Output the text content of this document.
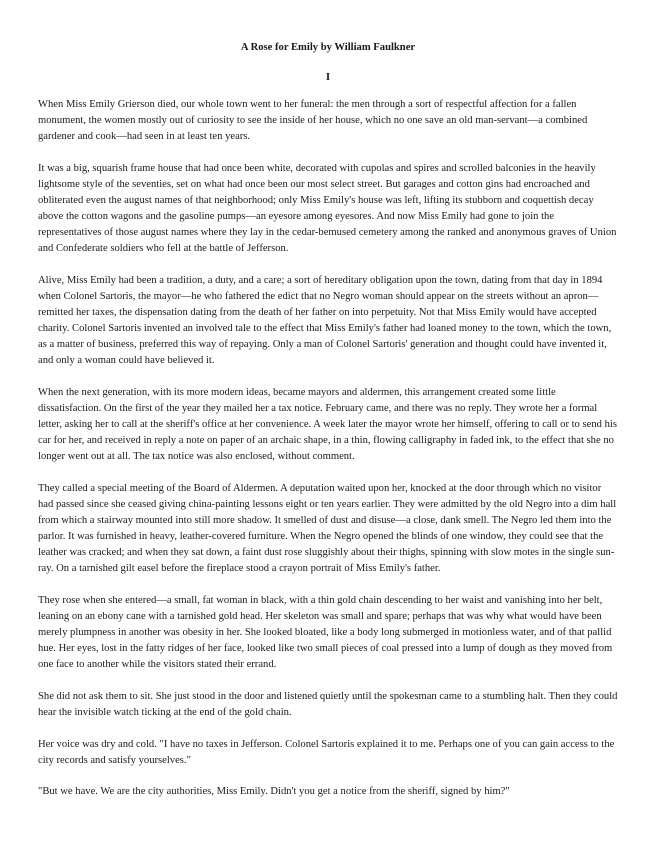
A Rose for Emily by William Faulkner
I

When Miss Emily Grierson died, our whole town went to her funeral: the men through a sort of respectful affection for a fallen monument, the women mostly out of curiosity to see the inside of her house, which no one save an old man-servant—a combined gardener and cook—had seen in at least ten years.

It was a big, squarish frame house that had once been white, decorated with cupolas and spires and scrolled balconies in the heavily lightsome style of the seventies, set on what had once been our most select street. But garages and cotton gins had encroached and obliterated even the august names of that neighborhood; only Miss Emily's house was left, lifting its stubborn and coquettish decay above the cotton wagons and the gasoline pumps—an eyesore among eyesores. And now Miss Emily had gone to join the representatives of those august names where they lay in the cedar-bemused cemetery among the ranked and anonymous graves of Union and Confederate soldiers who fell at the battle of Jefferson.

Alive, Miss Emily had been a tradition, a duty, and a care; a sort of hereditary obligation upon the town, dating from that day in 1894 when Colonel Sartoris, the mayor—he who fathered the edict that no Negro woman should appear on the streets without an apron—remitted her taxes, the dispensation dating from the death of her father on into perpetuity. Not that Miss Emily would have accepted charity. Colonel Sartoris invented an involved tale to the effect that Miss Emily's father had loaned money to the town, which the town, as a matter of business, preferred this way of repaying. Only a man of Colonel Sartoris' generation and thought could have invented it, and only a woman could have believed it.

When the next generation, with its more modern ideas, became mayors and aldermen, this arrangement created some little dissatisfaction. On the first of the year they mailed her a tax notice. February came, and there was no reply. They wrote her a formal letter, asking her to call at the sheriff's office at her convenience. A week later the mayor wrote her himself, offering to call or to send his car for her, and received in reply a note on paper of an archaic shape, in a thin, flowing calligraphy in faded ink, to the effect that she no longer went out at all. The tax notice was also enclosed, without comment.

They called a special meeting of the Board of Aldermen. A deputation waited upon her, knocked at the door through which no visitor had passed since she ceased giving china-painting lessons eight or ten years earlier. They were admitted by the old Negro into a dim hall from which a stairway mounted into still more shadow. It smelled of dust and disuse—a close, dank smell. The Negro led them into the parlor. It was furnished in heavy, leather-covered furniture. When the Negro opened the blinds of one window, they could see that the leather was cracked; and when they sat down, a faint dust rose sluggishly about their thighs, spinning with slow motes in the single sun-ray. On a tarnished gilt easel before the fireplace stood a crayon portrait of Miss Emily's father.

They rose when she entered—a small, fat woman in black, with a thin gold chain descending to her waist and vanishing into her belt, leaning on an ebony cane with a tarnished gold head. Her skeleton was small and spare; perhaps that was why what would have been merely plumpness in another was obesity in her. She looked bloated, like a body long submerged in motionless water, and of that pallid hue. Her eyes, lost in the fatty ridges of her face, looked like two small pieces of coal pressed into a lump of dough as they moved from one face to another while the visitors stated their errand.

She did not ask them to sit. She just stood in the door and listened quietly until the spokesman came to a stumbling halt. Then they could hear the invisible watch ticking at the end of the gold chain.

Her voice was dry and cold. "I have no taxes in Jefferson. Colonel Sartoris explained it to me. Perhaps one of you can gain access to the city records and satisfy yourselves."

"But we have. We are the city authorities, Miss Emily. Didn't you get a notice from the sheriff, signed by him?"
